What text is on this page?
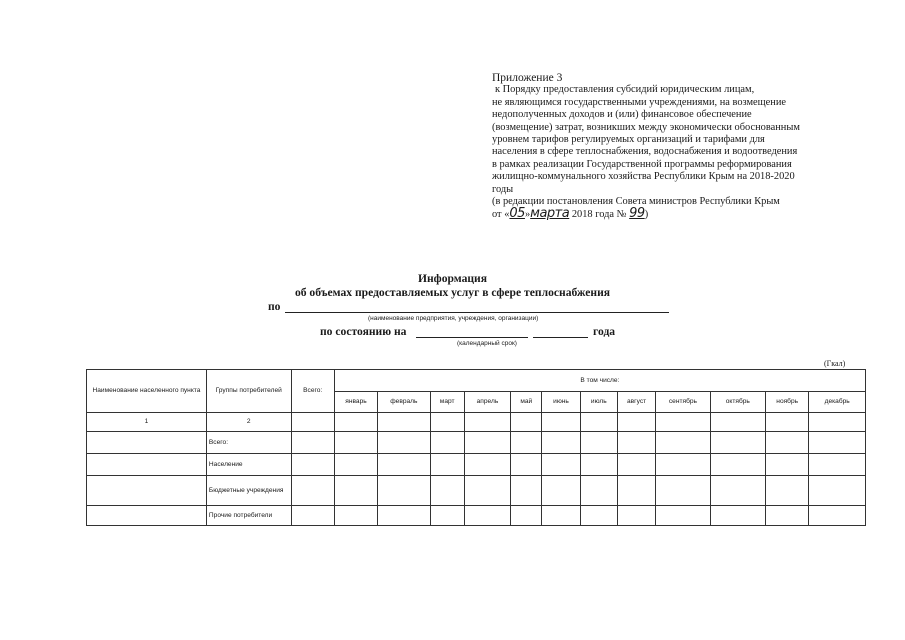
Приложение 3
к Порядку предоставления субсидий юридическим лицам,
не являющимся государственными учреждениями, на возмещение
недополученных доходов и (или) финансовое обеспечение
(возмещение) затрат, возникших между экономически обоснованным
уровнем тарифов регулируемых организаций и тарифами для
населения в сфере теплоснабжения, водоснабжения и водоотведения
в рамках реализации Государственной программы реформирования
жилищно-коммунального хозяйства Республики Крым на 2018-2020
годы
(в редакции постановления Совета министров Республики Крым
от «05»марта 2018 года № 99)
Информация
об объемах предоставляемых услуг в сфере теплоснабжения
по
(наименование предприятия, учреждения, организации)
по состоянию на	года
(календарный срок)
(Гкал)
Наименование населенного пункта	Группы потребителей	Всего:	В том числе:											
			январь	февраль	март	апрель	май	июнь	июль	август	сентябрь	октябрь	ноябрь	декабрь
1	2													
	Всего:													
	Население													
	Бюджетные учреждения													
	Прочие потребители													
